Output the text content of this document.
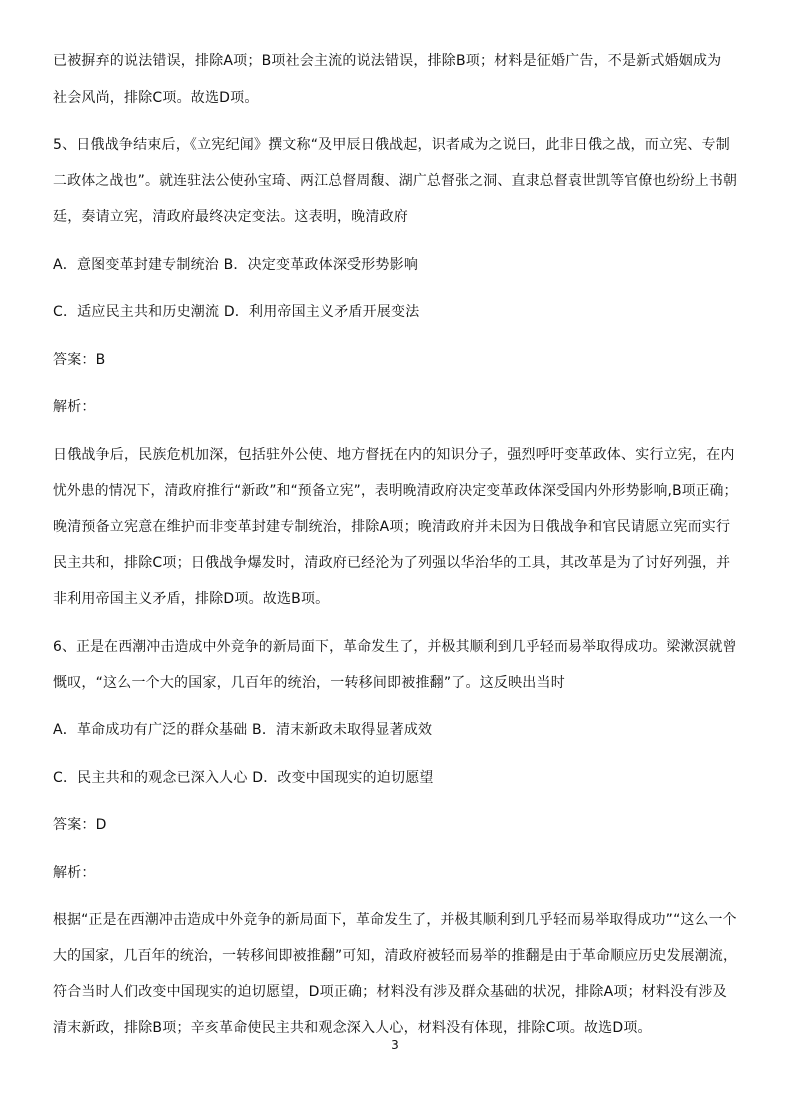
已被摒弃的说法错误，排除A项；B项社会主流的说法错误，排除B项；材料是征婚广告，不是新式婚姻成为
社会风尚，排除C项。故选D项。
5、日俄战争结束后，《立宪纪闻》撰文称“及甲辰日俄战起，识者咸为之说曰，此非日俄之战，而立宪、专制
二政体之战也”。就连驻法公使孙宝琦、两江总督周馥、湖广总督张之洞、直隶总督袁世凯等官僚也纷纷上书朝
廷，奏请立宪，清政府最终决定变法。这表明，晚清政府
A．意图变革封建专制统治 B．决定变革政体深受形势影响
C．适应民主共和历史潮流 D．利用帝国主义矛盾开展变法
答案：B
解析：
日俄战争后，民族危机加深，包括驻外公使、地方督抚在内的知识分子，强烈呼吁变革政体、实行立宪，在内
忧外患的情况下，清政府推行“新政”和“预备立宪”，表明晚清政府决定变革政体深受国内外形势影响,B项正确；
晚清预备立宪意在维护而非变革封建专制统治，排除A项；晚清政府并未因为日俄战争和官民请愿立宪而实行
民主共和，排除C项；日俄战争爆发时，清政府已经沦为了列强以华治华的工具，其改革是为了讨好列强，并
非利用帝国主义矛盾，排除D项。故选B项。
6、正是在西潮冲击造成中外竞争的新局面下，革命发生了，并极其顺利到几乎轻而易举取得成功。梁漱溟就曾
慨叹，“这么一个大的国家，几百年的统治，一转移间即被推翻”了。这反映出当时
A．革命成功有广泛的群众基础 B．清末新政未取得显著成效
C．民主共和的观念已深入人心 D．改变中国现实的迫切愿望
答案：D
解析：
根据“正是在西潮冲击造成中外竞争的新局面下，革命发生了，并极其顺利到几乎轻而易举取得成功”“这么一个
大的国家，几百年的统治，一转移间即被推翻”可知，清政府被轻而易举的推翻是由于革命顺应历史发展潮流，
符合当时人们改变中国现实的迫切愿望，D项正确；材料没有涉及群众基础的状况，排除A项；材料没有涉及
清末新政，排除B项；辛亥革命使民主共和观念深入人心，材料没有体现，排除C项。故选D项。
3
